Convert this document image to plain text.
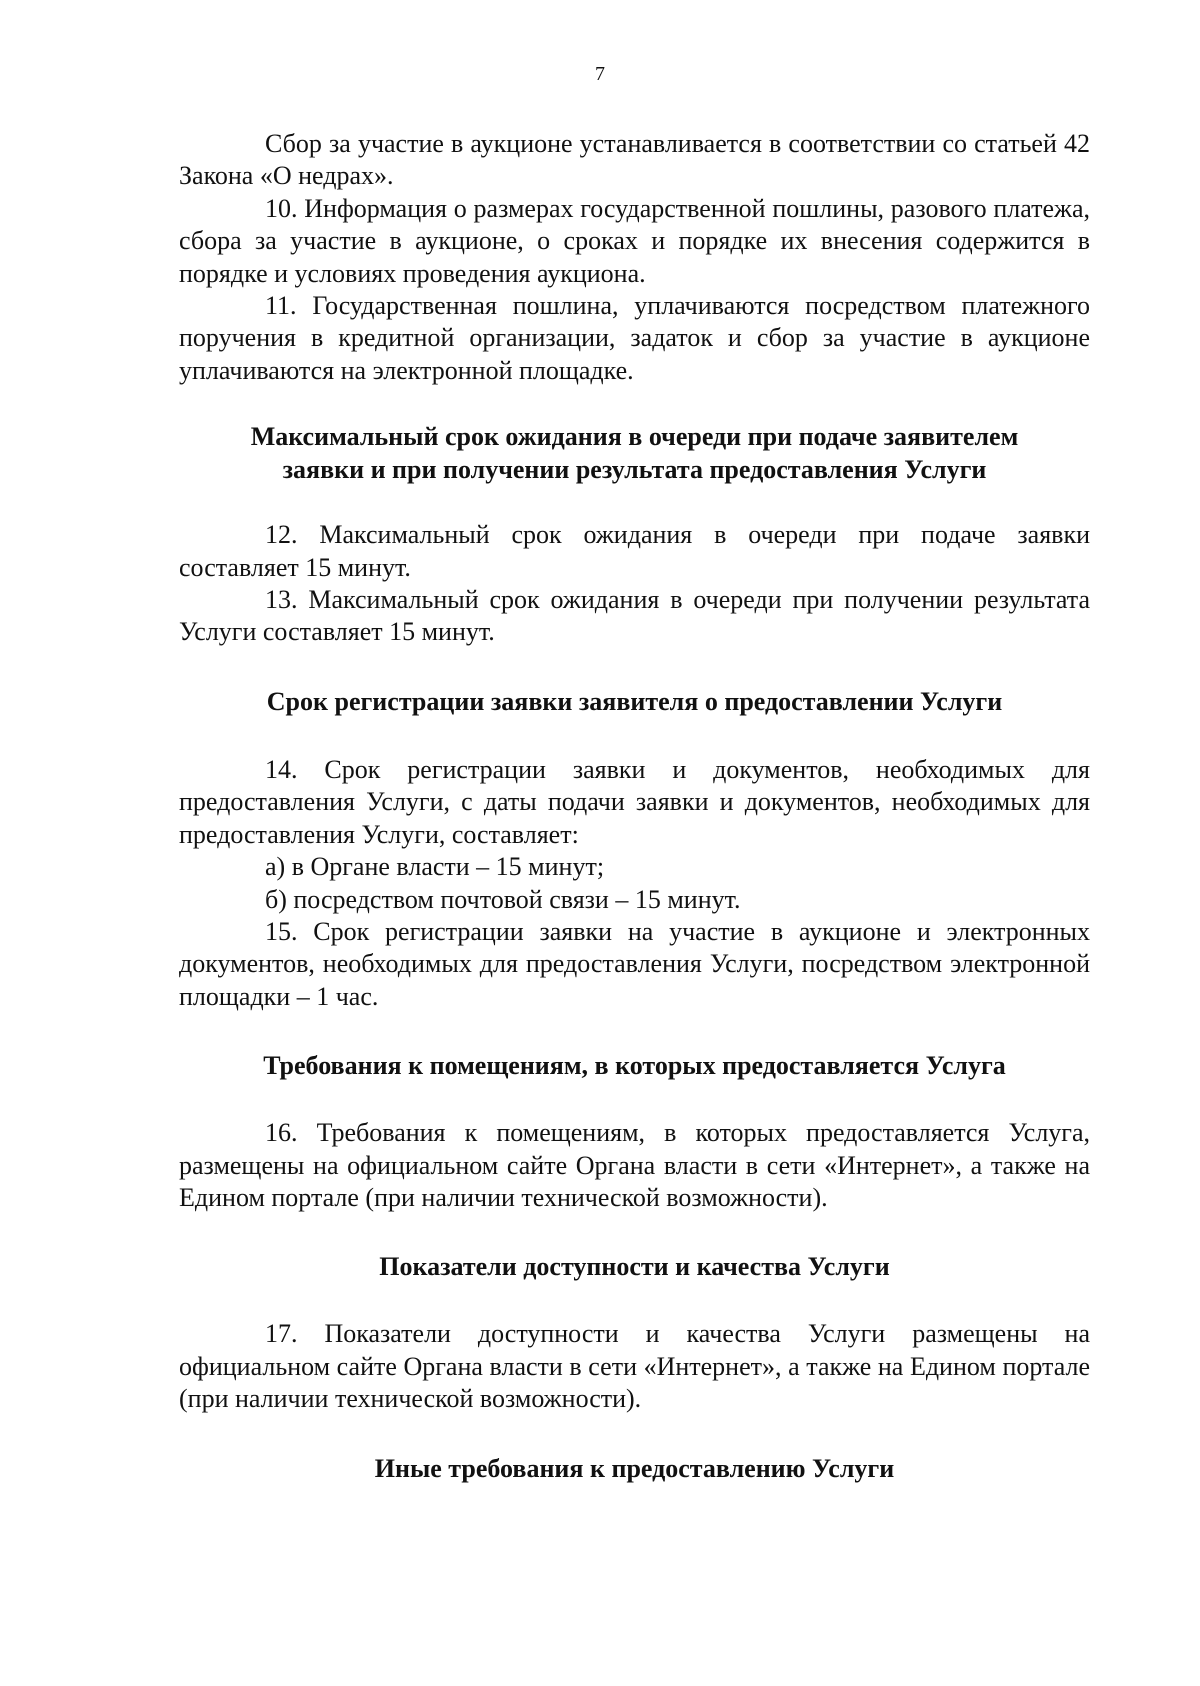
7

Сбор за участие в аукционе устанавливается в соответствии со статьей 42 Закона «О недрах».

10. Информация о размерах государственной пошлины, разового платежа, сбора за участие в аукционе, о сроках и порядке их внесения содержится в порядке и условиях проведения аукциона.

11. Государственная пошлина, уплачиваются посредством платежного поручения в кредитной организации, задаток и сбор за участие в аукционе уплачиваются на электронной площадке.

Максимальный срок ожидания в очереди при подаче заявителем
заявки и при получении результата предоставления Услуги

12. Максимальный срок ожидания в очереди при подаче заявки составляет 15 минут.

13. Максимальный срок ожидания в очереди при получении результата Услуги составляет 15 минут.

Срок регистрации заявки заявителя о предоставлении Услуги

14. Срок регистрации заявки и документов, необходимых для предоставления Услуги, с даты подачи заявки и документов, необходимых для предоставления Услуги, составляет:

а) в Органе власти – 15 минут;

б) посредством почтовой связи – 15 минут.

15. Срок регистрации заявки на участие в аукционе и электронных документов, необходимых для предоставления Услуги, посредством электронной площадки – 1 час.

Требования к помещениям, в которых предоставляется Услуга

16. Требования к помещениям, в которых предоставляется Услуга, размещены на официальном сайте Органа власти в сети «Интернет», а также на Едином портале (при наличии технической возможности).

Показатели доступности и качества Услуги

17. Показатели доступности и качества Услуги размещены на официальном сайте Органа власти в сети «Интернет», а также на Едином портале (при наличии технической возможности).

Иные требования к предоставлению Услуги
